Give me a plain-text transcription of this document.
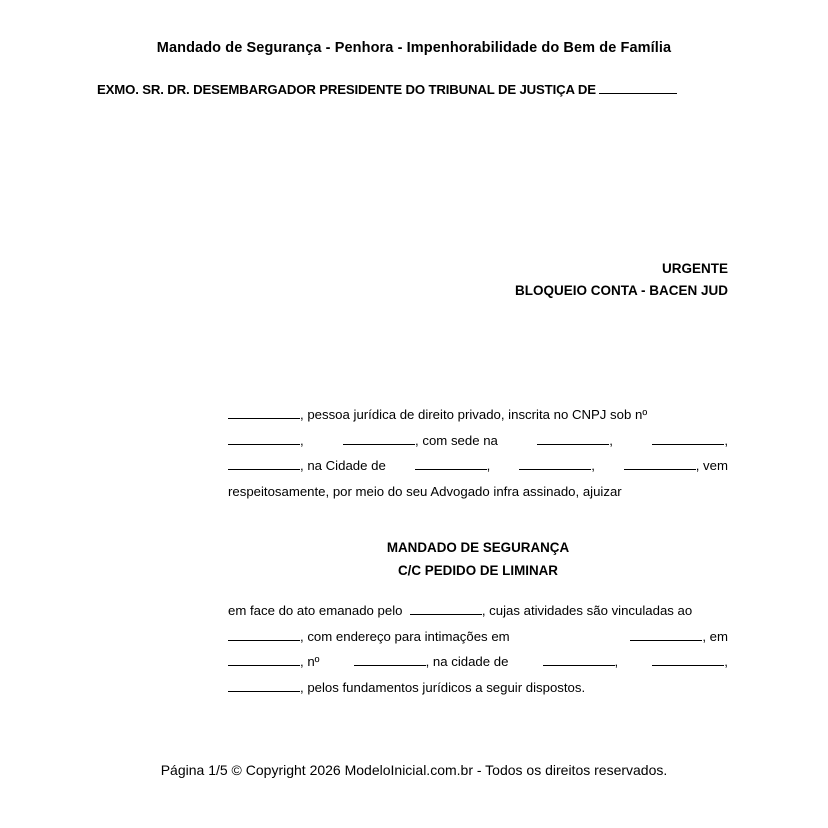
Mandado de Segurança - Penhora - Impenhorabilidade do Bem de Família
EXMO. SR. DR. DESEMBARGADOR PRESIDENTE DO TRIBUNAL DE JUSTIÇA DE
URGENTE
BLOQUEIO CONTA - BACEN JUD
, pessoa jurídica de direito privado, inscrita no CNPJ sob nº
,	, com sede na	,	,
, na Cidade de	,	,	, vem
respeitosamente, por meio do seu Advogado infra assinado, ajuizar
MANDADO DE SEGURANÇA
C/C PEDIDO DE LIMINAR
em face do ato emanado pelo	, cujas atividades são vinculadas ao
, com endereço para intimações em	, em
, nº	, na cidade de	,	,
, pelos fundamentos jurídicos a seguir dispostos.
Página 1/5 © Copyright 2026 ModeloInicial.com.br - Todos os direitos reservados.
